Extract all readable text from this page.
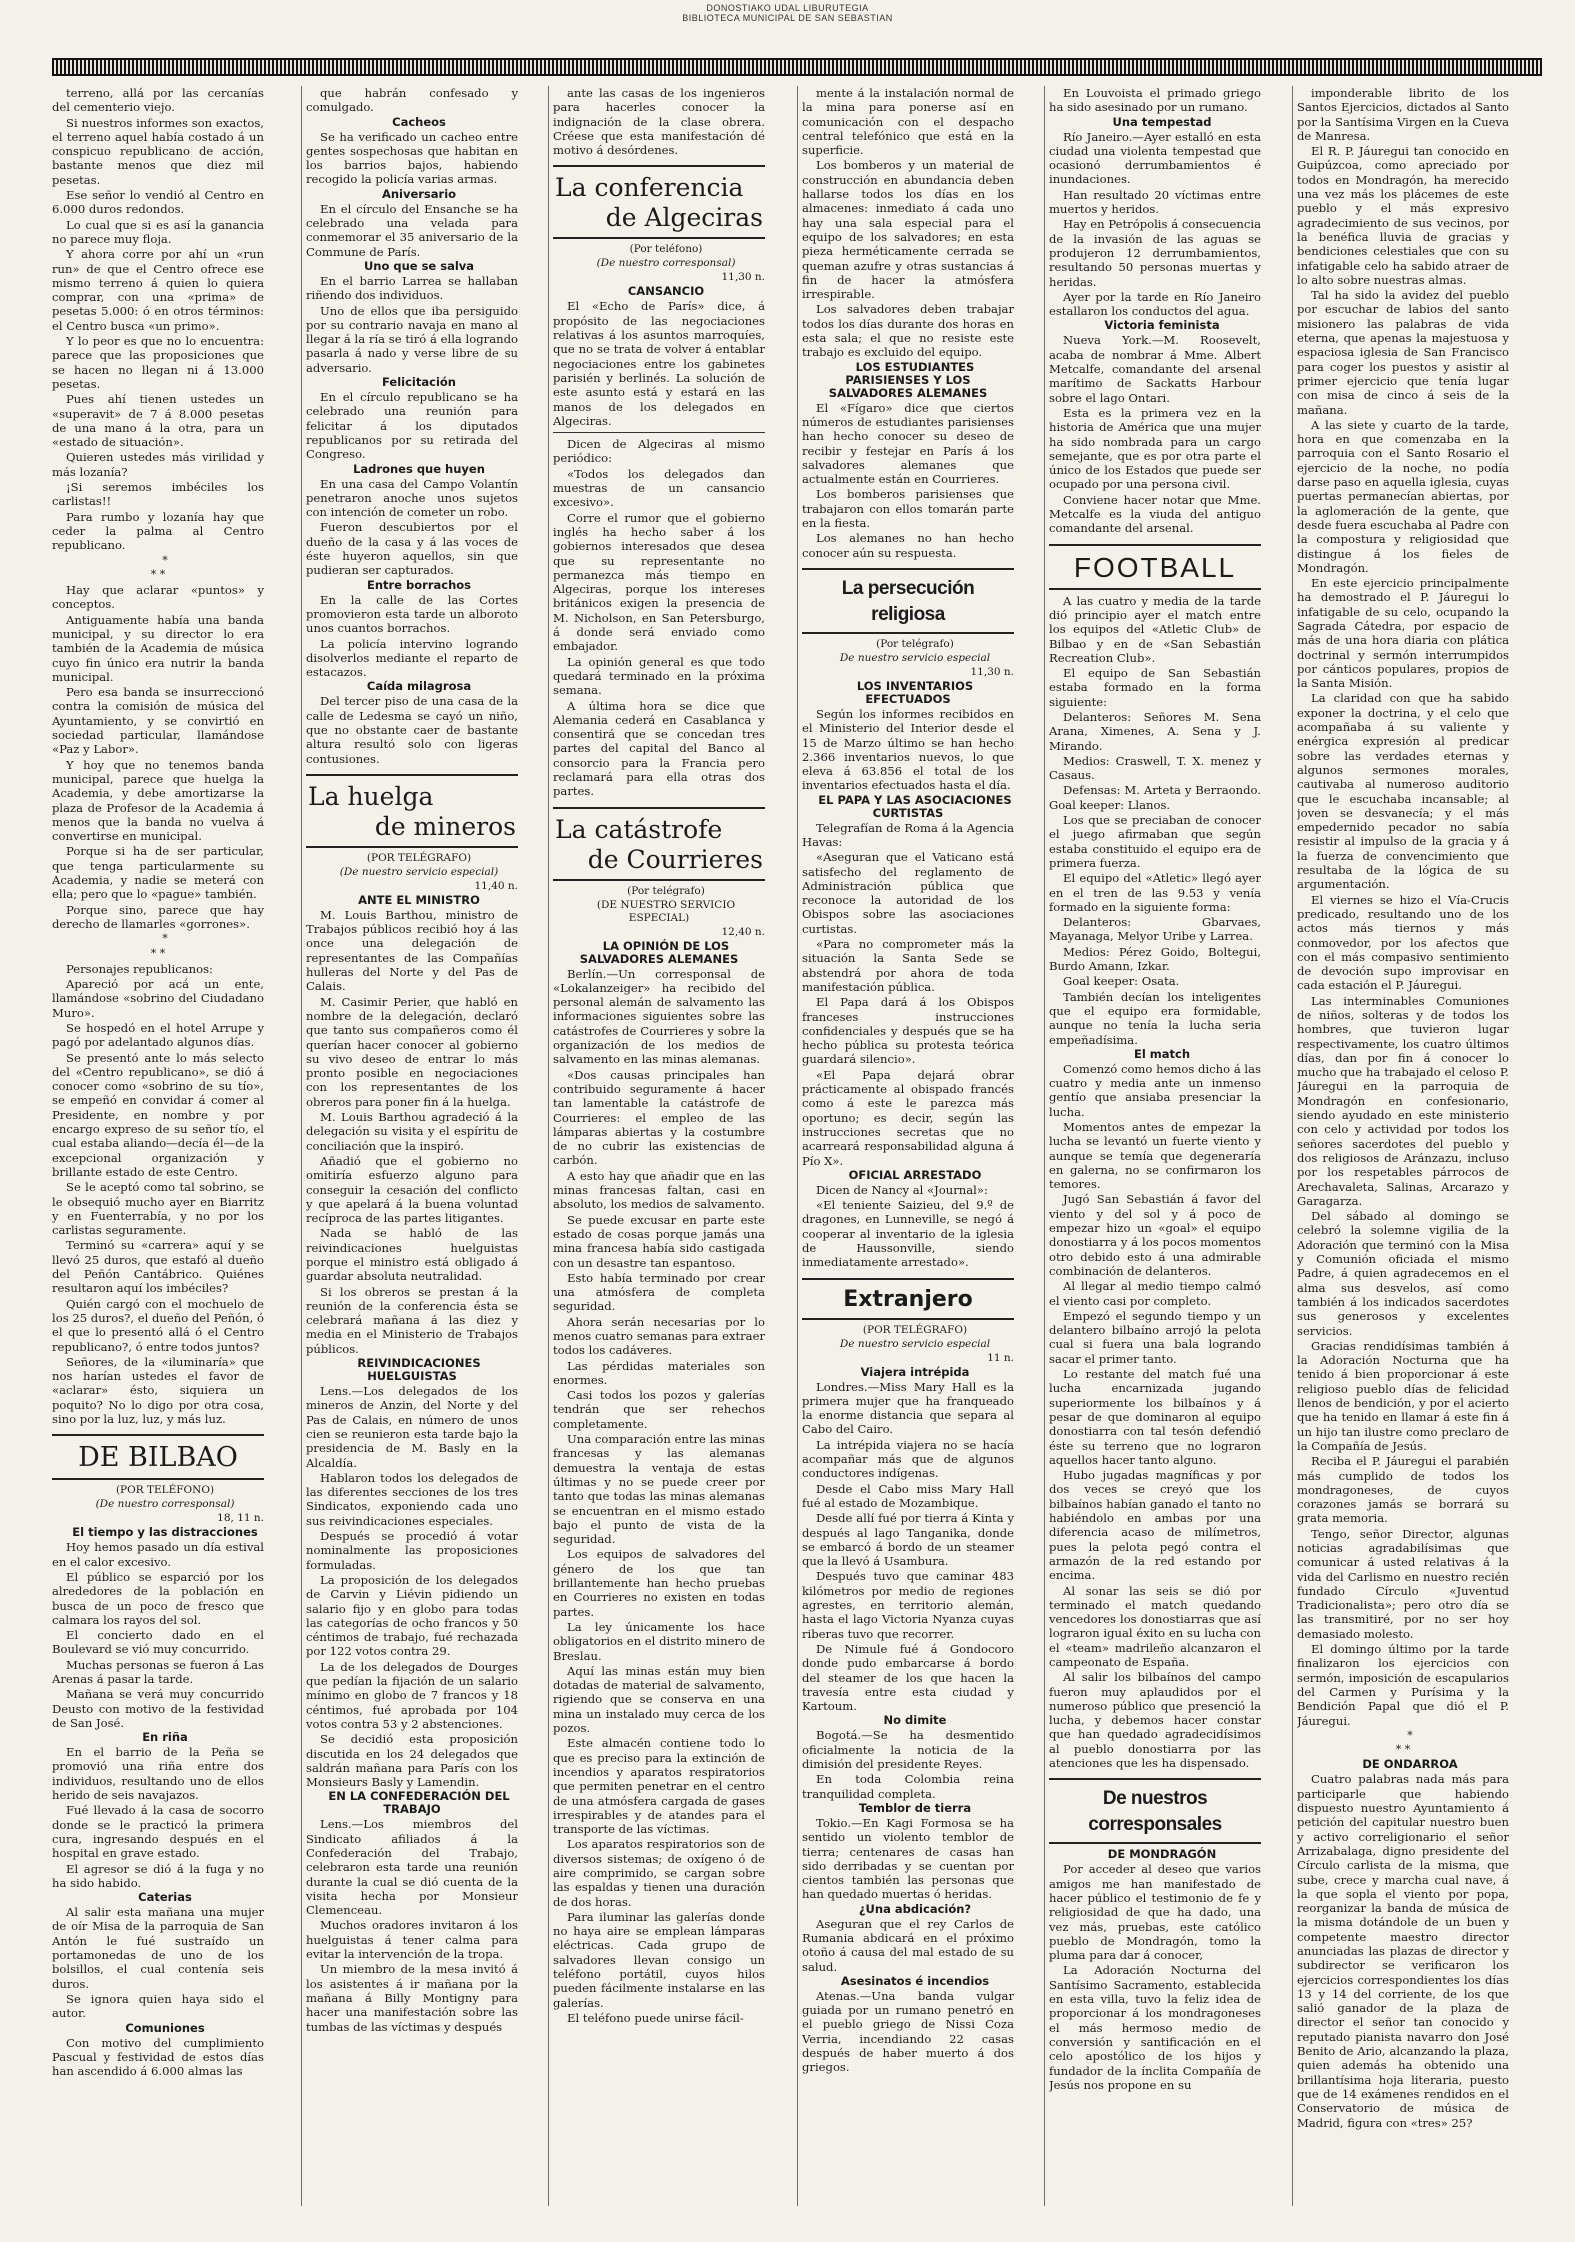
DONOSTIAKO UDAL LIBURUTEGIA
BIBLIOTECA MUNICIPAL DE SAN SEBASTIAN

terreno, allá por las cercanías del cementerio viejo.

Si nuestros informes son exactos, el terreno aquel había costado á un conspicuo republicano de acción, bastante menos que diez mil pesetas.

Ese señor lo vendió al Centro en 6.000 duros redondos.

Lo cual que si es así la ganancia no parece muy floja.

Y ahora corre por ahí un «run run» de que el Centro ofrece ese mismo terreno á quien lo quiera comprar, con una «prima» de pesetas 5.000: ó en otros términos: el Centro busca «un primo».

Y lo peor es que no lo encuentra: parece que las proposiciones que se hacen no llegan ni á 13.000 pesetas.

Pues ahí tienen ustedes un «superavit» de 7 á 8.000 pesetas de una mano á la otra, para un «estado de situación».

Quieren ustedes más virilidad y más lozanía?

¡Si seremos imbéciles los carlistas!!

Para rumbo y lozanía hay que ceder la palma al Centro republicano.

*
* *

Hay que aclarar «puntos» y conceptos.

Antiguamente había una banda municipal, y su director lo era también de la Academia de música cuyo fin único era nutrir la banda municipal.

Pero esa banda se insurreccionó contra la comisión de música del Ayuntamiento, y se convirtió en sociedad particular, llamándose «Paz y Labor».

Y hoy que no tenemos banda municipal, parece que huelga la Academia, y debe amortizarse la plaza de Profesor de la Academia á menos que la banda no vuelva á convertirse en municipal.

Porque si ha de ser particular, que tenga particularmente su Academia, y nadie se meterá con ella; pero que lo «pague» también.

Porque sino, parece que hay derecho de llamarles «gorrones».

*
* *

Personajes republicanos:

Apareció por acá un ente, llamándose «sobrino del Ciudadano Muro».

Se hospedó en el hotel Arrupe y pagó por adelantado algunos días.

Se presentó ante lo más selecto del «Centro republicano», se dió á conocer como «sobrino de su tío», se empeñó en convidar á comer al Presidente, en nombre y por encargo expreso de su señor tío, el cual estaba aliando—decía él—de la excepcional organización y brillante estado de este Centro.

Se le aceptó como tal sobrino, se le obsequió mucho ayer en Biarritz y en Fuenterrabía, y no por los carlistas seguramente.

Terminó su «carrera» aquí y se llevó 25 duros, que estafó al dueño del Peñón Cantábrico. Quiénes resultaron aquí los imbéciles?

Quién cargó con el mochuelo de los 25 duros?, el dueño del Peñón, ó el que lo presentó allá ó el Centro republicano?, ó entre todos juntos?

Señores, de la «iluminaría» que nos harían ustedes el favor de «aclarar» ésto, siquiera un poquito? No lo digo por otra cosa, sino por la luz, luz, y más luz.

DE BILBAO

(POR TELÉFONO)

(De nuestro corresponsal)

18, 11 n.

El tiempo y las distracciones

Hoy hemos pasado un día estival en el calor excesivo.

El público se esparció por los alrededores de la población en busca de un poco de fresco que calmara los rayos del sol.

El concierto dado en el Boulevard se vió muy concurrido.

Muchas personas se fueron á Las Arenas á pasar la tarde.

Mañana se verá muy concurrido Deusto con motivo de la festividad de San José.

En riña

En el barrio de la Peña se promovió una riña entre dos individuos, resultando uno de ellos herido de seis navajazos.

Fué llevado á la casa de socorro donde se le practicó la primera cura, ingresando después en el hospital en grave estado.

El agresor se dió á la fuga y no ha sido habido.

Caterias

Al salir esta mañana una mujer de oír Misa de la parroquia de San Antón le fué sustraído un portamonedas de uno de los bolsillos, el cual contenía seis duros.

Se ignora quien haya sido el autor.

Comuniones

Con motivo del cumplimiento Pascual y festividad de estos días han ascendido á 6.000 almas las

que habrán confesado y comulgado.

Cacheos

Se ha verificado un cacheo entre gentes sospechosas que habitan en los barrios bajos, habiendo recogido la policía varias armas.

Aniversario

En el círculo del Ensanche se ha celebrado una velada para conmemorar el 35 aniversario de la Commune de París.

Uno que se salva

En el barrio Larrea se hallaban riñendo dos individuos.

Uno de ellos que iba persiguido por su contrario navaja en mano al llegar á la ría se tiró á ella logrando pasarla á nado y verse libre de su adversario.

Felicitación

En el círculo republicano se ha celebrado una reunión para felicitar á los diputados republicanos por su retirada del Congreso.

Ladrones que huyen

En una casa del Campo Volantín penetraron anoche unos sujetos con intención de cometer un robo.

Fueron descubiertos por el dueño de la casa y á las voces de éste huyeron aquellos, sin que pudieran ser capturados.

Entre borrachos

En la calle de las Cortes promovieron esta tarde un alboroto unos cuantos borrachos.

La policía intervino logrando disolverlos mediante el reparto de estacazos.

Caída milagrosa

Del tercer piso de una casa de la calle de Ledesma se cayó un niño, que no obstante caer de bastante altura resultó solo con ligeras contusiones.

La huelga
de mineros

(POR TELÉGRAFO)

(De nuestro servicio especial)

11,40 n.

ANTE EL MINISTRO

M. Louis Barthou, ministro de Trabajos públicos recibió hoy á las once una delegación de representantes de las Compañías hulleras del Norte y del Pas de Calais.

M. Casimir Perier, que habló en nombre de la delegación, declaró que tanto sus compañeros como él querían hacer conocer al gobierno su vivo deseo de entrar lo más pronto posible en negociaciones con los representantes de los obreros para poner fin á la huelga.

M. Louis Barthou agradeció á la delegación su visita y el espíritu de conciliación que la inspiró.

Añadió que el gobierno no omitiría esfuerzo alguno para conseguir la cesación del conflicto y que apelará á la buena voluntad recíproca de las partes litigantes.

Nada se habló de las reivindicaciones huelguistas porque el ministro está obligado á guardar absoluta neutralidad.

Si los obreros se prestan á la reunión de la conferencia ésta se celebrará mañana á las diez y media en el Ministerio de Trabajos públicos.

REIVINDICACIONES HUELGUISTAS

Lens.—Los delegados de los mineros de Anzin, del Norte y del Pas de Calais, en número de unos cien se reunieron esta tarde bajo la presidencia de M. Basly en la Alcaldía.

Hablaron todos los delegados de las diferentes secciones de los tres Sindicatos, exponiendo cada uno sus reivindicaciones especiales.

Después se procedió á votar nominalmente las proposiciones formuladas.

La proposición de los delegados de Carvin y Liévin pidiendo un salario fijo y en globo para todas las categorías de ocho francos y 50 céntimos de trabajo, fué rechazada por 122 votos contra 29.

La de los delegados de Dourges que pedían la fijación de un salario mínimo en globo de 7 francos y 18 céntimos, fué aprobada por 104 votos contra 53 y 2 abstenciones.

Se decidió esta proposición discutida en los 24 delegados que saldrán mañana para París con los Monsieurs Basly y Lamendin.

EN LA CONFEDERACIÓN DEL TRABAJO

Lens.—Los miembros del Sindicato afiliados á la Confederación del Trabajo, celebraron esta tarde una reunión durante la cual se dió cuenta de la visita hecha por Monsieur Clemenceau.

Muchos oradores invitaron á los huelguistas á tener calma para evitar la intervención de la tropa.

Un miembro de la mesa invitó á los asistentes á ir mañana por la mañana á Billy Montigny para hacer una manifestación sobre las tumbas de las víctimas y después

ante las casas de los ingenieros para hacerles conocer la indignación de la clase obrera. Créese que esta manifestación dé motivo á desórdenes.

La conferencia
de Algeciras

(Por teléfono)

(De nuestro corresponsal)

11,30 n.

CANSANCIO

El «Echo de París» dice, á propósito de las negociaciones relativas á los asuntos marroquíes, que no se trata de volver á entablar negociaciones entre los gabinetes parisién y berlinés. La solución de este asunto está y estará en las manos de los delegados en Algeciras.

Dicen de Algeciras al mismo periódico:

«Todos los delegados dan muestras de un cansancio excesivo».

Corre el rumor que el gobierno inglés ha hecho saber á los gobiernos interesados que desea que su representante no permanezca más tiempo en Algeciras, porque los intereses británicos exigen la presencia de M. Nicholson, en San Petersburgo, á donde será enviado como embajador.

La opinión general es que todo quedará terminado en la próxima semana.

A última hora se dice que Alemania cederá en Casablanca y consentirá que se concedan tres partes del capital del Banco al consorcio para la Francia pero reclamará para ella otras dos partes.

La catástrofe
de Courrieres

(Por telégrafo)

(DE NUESTRO SERVICIO ESPECIAL)

12,40 n.

LA OPINIÓN DE LOS SALVADORES ALEMANES

Berlín.—Un corresponsal de «Lokalanzeiger» ha recibido del personal alemán de salvamento las informaciones siguientes sobre las catástrofes de Courrieres y sobre la organización de los medios de salvamento en las minas alemanas.

«Dos causas principales han contribuido seguramente á hacer tan lamentable la catástrofe de Courrieres: el empleo de las lámparas abiertas y la costumbre de no cubrir las existencias de carbón.

A esto hay que añadir que en las minas francesas faltan, casi en absoluto, los medios de salvamento.

Se puede excusar en parte este estado de cosas porque jamás una mina francesa había sido castigada con un desastre tan espantoso.

Esto había terminado por crear una atmósfera de completa seguridad.

Ahora serán necesarias por lo menos cuatro semanas para extraer todos los cadáveres.

Las pérdidas materiales son enormes.

Casi todos los pozos y galerías tendrán que ser rehechos completamente.

Una comparación entre las minas francesas y las alemanas demuestra la ventaja de estas últimas y no se puede creer por tanto que todas las minas alemanas se encuentran en el mismo estado bajo el punto de vista de la seguridad.

Los equipos de salvadores del género de los que tan brillantemente han hecho pruebas en Courrieres no existen en todas partes.

La ley únicamente los hace obligatorios en el distrito minero de Breslau.

Aquí las minas están muy bien dotadas de material de salvamento, rigiendo que se conserva en una mina un instalado muy cerca de los pozos.

Este almacén contiene todo lo que es preciso para la extinción de incendios y aparatos respiratorios que permiten penetrar en el centro de una atmósfera cargada de gases irrespirables y de atandes para el transporte de las víctimas.

Los aparatos respiratorios son de diversos sistemas; de oxígeno ó de aire comprimido, se cargan sobre las espaldas y tienen una duración de dos horas.

Para iluminar las galerías donde no haya aire se emplean lámparas eléctricas. Cada grupo de salvadores llevan consigo un teléfono portátil, cuyos hilos pueden fácilmente instalarse en las galerías.

El teléfono puede unirse fácil-

mente á la instalación normal de la mina para ponerse así en comunicación con el despacho central telefónico que está en la superficie.

Los bomberos y un material de construcción en abundancia deben hallarse todos los días en los almacenes: inmediato á cada uno hay una sala especial para el equipo de los salvadores; en esta pieza herméticamente cerrada se queman azufre y otras sustancias á fin de hacer la atmósfera irrespirable.

Los salvadores deben trabajar todos los días durante dos horas en esta sala; el que no resiste este trabajo es excluido del equipo.

LOS ESTUDIANTES PARISIENSES Y LOS SALVADORES ALEMANES

El «Fígaro» dice que ciertos números de estudiantes parisienses han hecho conocer su deseo de recibir y festejar en París á los salvadores alemanes que actualmente están en Courrieres.

Los bomberos parisienses que trabajaron con ellos tomarán parte en la fiesta.

Los alemanes no han hecho conocer aún su respuesta.

La persecución religiosa

(Por telégrafo)

De nuestro servicio especial

11,30 n.

LOS INVENTARIOS EFECTUADOS

Según los informes recibidos en el Ministerio del Interior desde el 15 de Marzo último se han hecho 2.366 inventarios nuevos, lo que eleva á 63.856 el total de los inventarios efectuados hasta el día.

EL PAPA Y LAS ASOCIACIONES CURTISTAS

Telegrafían de Roma á la Agencia Havas:

«Aseguran que el Vaticano está satisfecho del reglamento de Administración pública que reconoce la autoridad de los Obispos sobre las asociaciones curtistas.

«Para no comprometer más la situación la Santa Sede se abstendrá por ahora de toda manifestación pública.

El Papa dará á los Obispos franceses instrucciones confidenciales y después que se ha hecho pública su protesta teórica guardará silencio».

«El Papa dejará obrar prácticamente al obispado francés como á este le parezca más oportuno; es decir, según las instrucciones secretas que no acarreará responsabilidad alguna á Pío X».

OFICIAL ARRESTADO

Dicen de Nancy al «Journal»:

«El teniente Saizieu, del 9.º de dragones, en Lunneville, se negó á cooperar al inventario de la iglesia de Haussonville, siendo inmediatamente arrestado».

Extranjero

(POR TELÉGRAFO)

De nuestro servicio especial

11 n.

Viajera intrépida

Londres.—Miss Mary Hall es la primera mujer que ha franqueado la enorme distancia que separa al Cabo del Cairo.

La intrépida viajera no se hacía acompañar más que de algunos conductores indígenas.

Desde el Cabo miss Mary Hall fué al estado de Mozambique.

Desde allí fué por tierra á Kinta y después al lago Tanganika, donde se embarcó á bordo de un steamer que la llevó á Usambura.

Después tuvo que caminar 483 kilómetros por medio de regiones agrestes, en territorio alemán, hasta el lago Victoria Nyanza cuyas riberas tuvo que recorrer.

De Nimule fué á Gondocoro donde pudo embarcarse á bordo del steamer de los que hacen la travesía entre esta ciudad y Kartoum.

No dimite

Bogotá.—Se ha desmentido oficialmente la noticia de la dimisión del presidente Reyes.

En toda Colombia reina tranquilidad completa.

Temblor de tierra

Tokio.—En Kagi Formosa se ha sentido un violento temblor de tierra; centenares de casas han sido derribadas y se cuentan por cientos también las personas que han quedado muertas ó heridas.

¿Una abdicación?

Aseguran que el rey Carlos de Rumania abdicará en el próximo otoño á causa del mal estado de su salud.

Asesinatos é incendios

Atenas.—Una banda vulgar guiada por un rumano penetró en el pueblo griego de Nissi Coza Verria, incendiando 22 casas después de haber muerto á dos griegos.

En Louvoista el primado griego ha sido asesinado por un rumano.

Una tempestad

Río Janeiro.—Ayer estalló en esta ciudad una violenta tempestad que ocasionó derrumbamientos é inundaciones.

Han resultado 20 víctimas entre muertos y heridos.

Hay en Petrópolis á consecuencia de la invasión de las aguas se produjeron 12 derrumbamientos, resultando 50 personas muertas y heridas.

Ayer por la tarde en Río Janeiro estallaron los conductos del agua.

Victoria feminista

Nueva York.—M. Roosevelt, acaba de nombrar á Mme. Albert Metcalfe, comandante del arsenal marítimo de Sackatts Harbour sobre el lago Ontari.

Esta es la primera vez en la historia de América que una mujer ha sido nombrada para un cargo semejante, que es por otra parte el único de los Estados que puede ser ocupado por una persona civil.

Conviene hacer notar que Mme. Metcalfe es la viuda del antiguo comandante del arsenal.

FOOTBALL

A las cuatro y media de la tarde dió principio ayer el match entre los equipos del «Atletic Club» de Bilbao y en de «San Sebastián Recreation Club».

El equipo de San Sebastián estaba formado en la forma siguiente:

Delanteros: Señores M. Sena Arana, Ximenes, A. Sena y J. Mirando.

Medios: Craswell, T. X. menez y Casaus.

Defensas: M. Arteta y Berraondo. Goal keeper: Llanos.

Los que se preciaban de conocer el juego afirmaban que según estaba constituido el equipo era de primera fuerza.

El equipo del «Atletic» llegó ayer en el tren de las 9.53 y venía formado en la siguiente forma:

Delanteros: Gbarvaes, Mayanaga, Melyor Uribe y Larrea.

Medios: Pérez Goido, Boltegui, Burdo Amann, Izkar.

Goal keeper: Osata.

También decían los inteligentes que el equipo era formidable, aunque no tenía la lucha seria empeñadísima.

El match

Comenzó como hemos dicho á las cuatro y media ante un inmenso gentío que ansiaba presenciar la lucha.

Momentos antes de empezar la lucha se levantó un fuerte viento y aunque se temía que degeneraría en galerna, no se confirmaron los temores.

Jugó San Sebastián á favor del viento y del sol y á poco de empezar hizo un «goal» el equipo donostiarra y á los pocos momentos otro debido esto á una admirable combinación de delanteros.

Al llegar al medio tiempo calmó el viento casi por completo.

Empezó el segundo tiempo y un delantero bilbaíno arrojó la pelota cual si fuera una bala logrando sacar el primer tanto.

Lo restante del match fué una lucha encarnizada jugando superiormente los bilbaínos y á pesar de que dominaron al equipo donostiarra con tal tesón defendió éste su terreno que no lograron aquellos hacer tanto alguno.

Hubo jugadas magníficas y por dos veces se creyó que los bilbaínos habían ganado el tanto no habiéndolo en ambas por una diferencia acaso de milímetros, pues la pelota pegó contra el armazón de la red estando por encima.

Al sonar las seis se dió por terminado el match quedando vencedores los donostiarras que así lograron igual éxito en su lucha con el «team» madrileño alcanzaron el campeonato de España.

Al salir los bilbaínos del campo fueron muy aplaudidos por el numeroso público que presenció la lucha, y debemos hacer constar que han quedado agradecidísimos al pueblo donostiarra por las atenciones que les ha dispensado.

De nuestros corresponsales

DE MONDRAGÓN

Por acceder al deseo que varios amigos me han manifestado de hacer público el testimonio de fe y religiosidad de que ha dado, una vez más, pruebas, este católico pueblo de Mondragón, tomo la pluma para dar á conocer,

La Adoración Nocturna del Santísimo Sacramento, establecida en esta villa, tuvo la feliz idea de proporcionar á los mondragoneses el más hermoso medio de conversión y santificación en el celo apostólico de los hijos y fundador de la ínclita Compañía de Jesús nos propone en su

imponderable librito de los Santos Ejercicios, dictados al Santo por la Santísima Virgen en la Cueva de Manresa.

El R. P. Jáuregui tan conocido en Guipúzcoa, como apreciado por todos en Mondragón, ha merecido una vez más los plácemes de este pueblo y el más expresivo agradecimiento de sus vecinos, por la benéfica lluvia de gracias y bendiciones celestiales que con su infatigable celo ha sabido atraer de lo alto sobre nuestras almas.

Tal ha sido la avidez del pueblo por escuchar de labios del santo misionero las palabras de vida eterna, que apenas la majestuosa y espaciosa iglesia de San Francisco para coger los puestos y asistir al primer ejercicio que tenía lugar con misa de cinco á seis de la mañana.

A las siete y cuarto de la tarde, hora en que comenzaba en la parroquia con el Santo Rosario el ejercicio de la noche, no podía darse paso en aquella iglesia, cuyas puertas permanecían abiertas, por la aglomeración de la gente, que desde fuera escuchaba al Padre con la compostura y religiosidad que distingue á los fieles de Mondragón.

En este ejercicio principalmente ha demostrado el P. Jáuregui lo infatigable de su celo, ocupando la Sagrada Cátedra, por espacio de más de una hora diaria con plática doctrinal y sermón interrumpidos por cánticos populares, propios de la Santa Misión.

La claridad con que ha sabido exponer la doctrina, y el celo que acompañaba á su valiente y enérgica expresión al predicar sobre las verdades eternas y algunos sermones morales, cautivaba al numeroso auditorio que le escuchaba incansable; al joven se desvanecía; y el más empedernido pecador no sabía resistir al impulso de la gracia y á la fuerza de convencimiento que resultaba de la lógica de su argumentación.

El viernes se hizo el Vía-Crucis predicado, resultando uno de los actos más tiernos y más conmovedor, por los afectos que con el más compasivo sentimiento de devoción supo improvisar en cada estación el P. Jáuregui.

Las interminables Comuniones de niños, solteras y de todos los hombres, que tuvieron lugar respectivamente, los cuatro últimos días, dan por fin á conocer lo mucho que ha trabajado el celoso P. Jáuregui en la parroquia de Mondragón en confesionario, siendo ayudado en este ministerio con celo y actividad por todos los señores sacerdotes del pueblo y dos religiosos de Aránzazu, incluso por los respetables párrocos de Arechavaleta, Salinas, Arcarazo y Garagarza.

Del sábado al domingo se celebró la solemne vigilia de la Adoración que terminó con la Misa y Comunión oficiada el mismo Padre, á quien agradecemos en el alma sus desvelos, así como también á los indicados sacerdotes sus generosos y excelentes servicios.

Gracias rendidísimas también á la Adoración Nocturna que ha tenido á bien proporcionar á este religioso pueblo días de felicidad llenos de bendición, y por el acierto que ha tenido en llamar á este fin á un hijo tan ilustre como preclaro de la Compañía de Jesús.

Reciba el P. Jáuregui el parabién más cumplido de todos los mondragoneses, de cuyos corazones jamás se borrará su grata memoria.

Tengo, señor Director, algunas noticias agradabilísimas que comunicar á usted relativas á la vida del Carlismo en nuestro recién fundado Círculo «Juventud Tradicionalista»; pero otro día se las transmitiré, por no ser hoy demasiado molesto.

El domingo último por la tarde finalizaron los ejercicios con sermón, imposición de escapularios del Carmen y Purísima y la Bendición Papal que dió el P. Jáuregui.

*
* *

DE ONDARROA

Cuatro palabras nada más para participarle que habiendo dispuesto nuestro Ayuntamiento á petición del capitular nuestro buen y activo correligionario el señor Arrizabalaga, digno presidente del Círculo carlista de la misma, que sube, crece y marcha cual nave, á la que sopla el viento por popa, reorganizar la banda de música de la misma dotándole de un buen y competente maestro director anunciadas las plazas de director y subdirector se verificaron los ejercicios correspondientes los días 13 y 14 del corriente, de los que salió ganador de la plaza de director el señor tan conocido y reputado pianista navarro don José Benito de Ario, alcanzando la plaza, quien además ha obtenido una brillantísima hoja literaria, puesto que de 14 exámenes rendidos en el Conservatorio de música de Madrid, figura con «tres» 25?
